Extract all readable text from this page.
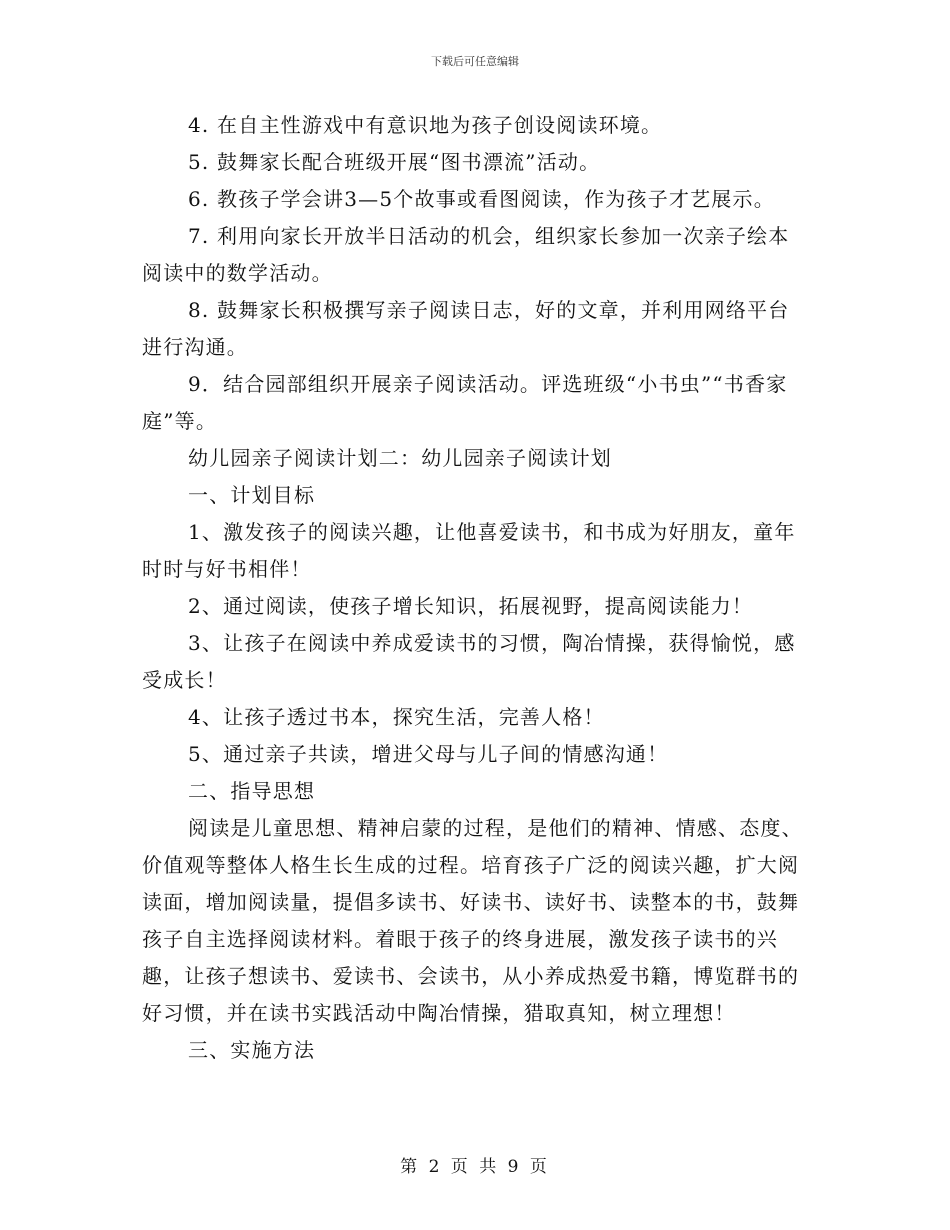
下载后可任意编辑

4. 在自主性游戏中有意识地为孩子创设阅读环境。

5. 鼓舞家长配合班级开展“图书漂流”活动。

6. 教孩子学会讲3—5个故事或看图阅读，作为孩子才艺展示。

7. 利用向家长开放半日活动的机会，组织家长参加一次亲子绘本阅读中的数学活动。

8. 鼓舞家长积极撰写亲子阅读日志，好的文章，并利用网络平台进行沟通。

9．结合园部组织开展亲子阅读活动。评选班级“小书虫”“书香家庭”等。

幼儿园亲子阅读计划二：幼儿园亲子阅读计划

一、计划目标

1、激发孩子的阅读兴趣，让他喜爱读书，和书成为好朋友，童年时时与好书相伴！

2、通过阅读，使孩子增长知识，拓展视野，提高阅读能力！

3、让孩子在阅读中养成爱读书的习惯，陶冶情操，获得愉悦，感受成长！

4、让孩子透过书本，探究生活，完善人格！

5、通过亲子共读，增进父母与儿子间的情感沟通！

二、指导思想

阅读是儿童思想、精神启蒙的过程，是他们的精神、情感、态度、价值观等整体人格生长生成的过程。培育孩子广泛的阅读兴趣，扩大阅读面，增加阅读量，提倡多读书、好读书、读好书、读整本的书，鼓舞孩子自主选择阅读材料。着眼于孩子的终身进展，激发孩子读书的兴趣，让孩子想读书、爱读书、会读书，从小养成热爱书籍，博览群书的好习惯，并在读书实践活动中陶冶情操，猎取真知，树立理想！

三、实施方法

第 2 页 共 9 页
